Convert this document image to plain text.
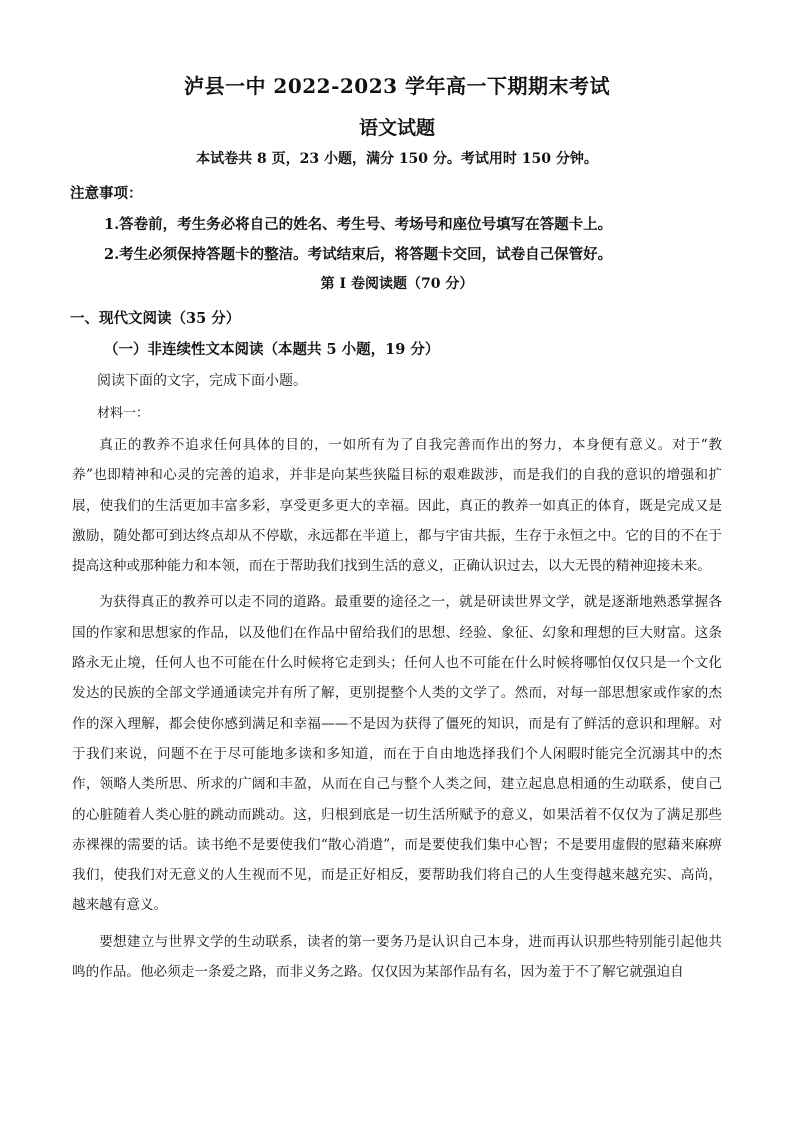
泸县一中 2022-2023 学年高一下期期末考试
语文试题
本试卷共 8 页，23 小题，满分 150 分。考试用时 150 分钟。
注意事项：
1.答卷前，考生务必将自己的姓名、考生号、考场号和座位号填写在答题卡上。
2.考生必须保持答题卡的整洁。考试结束后，将答题卡交回，试卷自己保管好。
第 I 卷阅读题（70 分）
一、现代文阅读（35 分）
（一）非连续性文本阅读（本题共 5 小题，19 分）
阅读下面的文字，完成下面小题。
材料一：

真正的教养不追求任何具体的目的，一如所有为了自我完善而作出的努力，本身便有意义。对于“教养”也即精神和心灵的完善的追求，并非是向某些狭隘目标的艰难跋涉，而是我们的自我的意识的增强和扩展，使我们的生活更加丰富多彩，享受更多更大的幸福。因此，真正的教养一如真正的体育，既是完成又是激励，随处都可到达终点却从不停歇，永远都在半道上，都与宇宙共振，生存于永恒之中。它的目的不在于提高这种或那种能力和本领，而在于帮助我们找到生活的意义，正确认识过去，以大无畏的精神迎接未来。

为获得真正的教养可以走不同的道路。最重要的途径之一，就是研读世界文学，就是逐渐地熟悉掌握各国的作家和思想家的作品，以及他们在作品中留给我们的思想、经验、象征、幻象和理想的巨大财富。这条路永无止境，任何人也不可能在什么时候将它走到头；任何人也不可能在什么时候将哪怕仅仅只是一个文化发达的民族的全部文学通通读完并有所了解，更别提整个人类的文学了。然而，对每一部思想家或作家的杰作的深入理解，都会使你感到满足和幸福——不是因为获得了僵死的知识，而是有了鲜活的意识和理解。对于我们来说，问题不在于尽可能地多读和多知道，而在于自由地选择我们个人闲暇时能完全沉溺其中的杰作，领略人类所思、所求的广阔和丰盈，从而在自己与整个人类之间，建立起息息相通的生动联系，使自己的心脏随着人类心脏的跳动而跳动。这，归根到底是一切生活所赋予的意义，如果活着不仅仅为了满足那些赤裸裸的需要的话。读书绝不是要使我们“散心消遣”，而是要使我们集中心智；不是要用虚假的慰藉来麻痹我们，使我们对无意义的人生视而不见，而是正好相反，要帮助我们将自己的人生变得越来越充实、高尚，越来越有意义。

要想建立与世界文学的生动联系，读者的第一要务乃是认识自己本身，进而再认识那些特别能引起他共鸣的作品。他必须走一条爱之路，而非义务之路。仅仅因为某部作品有名，因为羞于不了解它就强迫自
